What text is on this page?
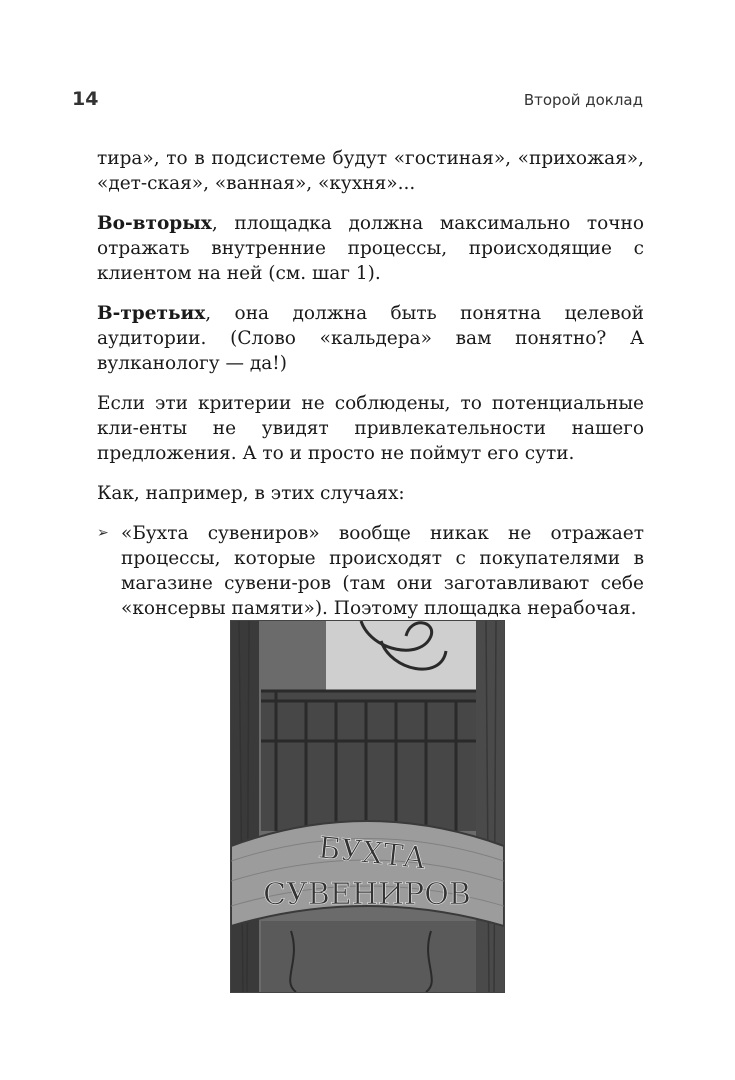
14	Второй доклад

тира», то в подсистеме будут «гостиная», «прихожая», «дет-ская», «ванная», «кухня»...

Во-вторых, площадка должна максимально точно отражать внутренние процессы, происходящие с клиентом на ней (см. шаг 1).

В-третьих, она должна быть понятна целевой аудитории. (Слово «кальдера» вам понятно? А вулканологу — да!)

Если эти критерии не соблюдены, то потенциальные кли-енты не увидят привлекательности нашего предложения. А то и просто не поймут его сути.

Как, например, в этих случаях:

➢ «Бухта сувениров» вообще никак не отражает процессы, которые происходят с покупателями в магазине сувени-ров (там они заготавливают себе «консервы памяти»). Поэтому площадка нерабочая.
БУХТА
СУВЕНИРОВ
